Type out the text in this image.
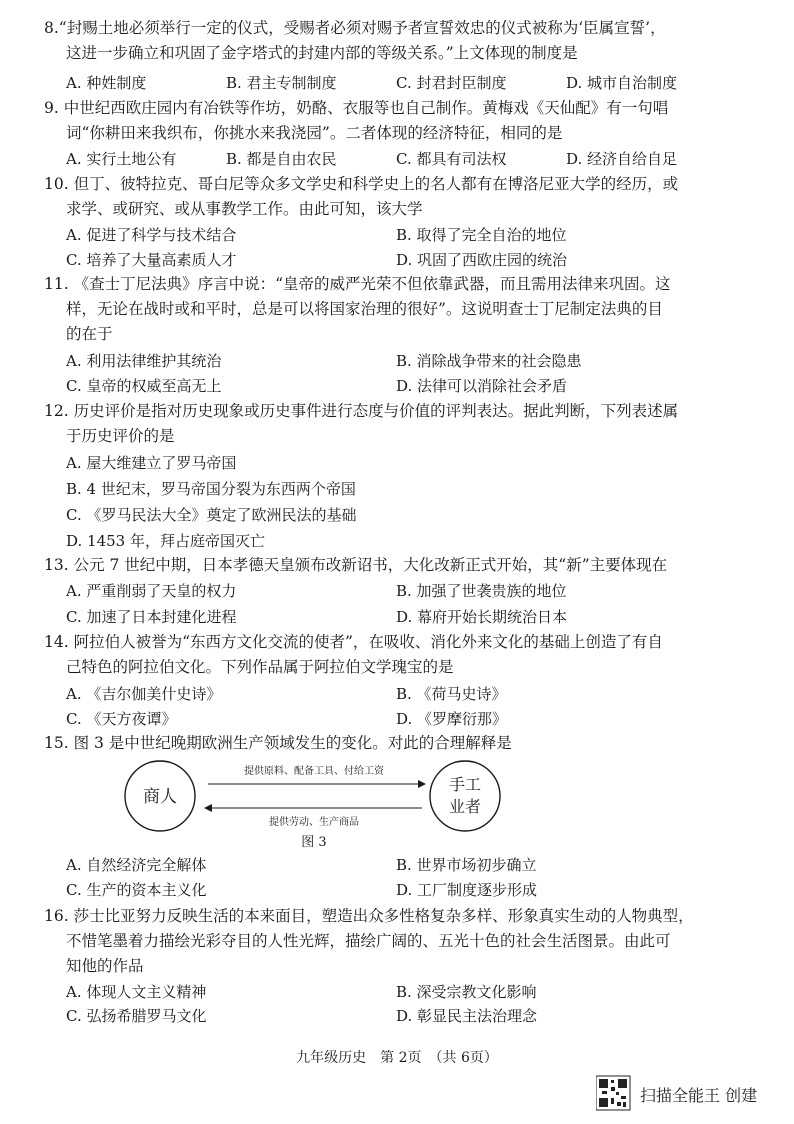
8.“封赐土地必须举行一定的仪式，受赐者必须对赐予者宣誓效忠的仪式被称为‘臣属宣誓’，
这进一步确立和巩固了金字塔式的封建内部的等级关系。”上文体现的制度是
A. 种姓制度	B. 君主专制制度	C. 封君封臣制度	D. 城市自治制度
9. 中世纪西欧庄园内有冶铁等作坊，奶酪、衣服等也自己制作。黄梅戏《天仙配》有一句唱
词“你耕田来我织布，你挑水来我浇园”。二者体现的经济特征，相同的是
A. 实行土地公有	B. 都是自由农民	C. 都具有司法权	D. 经济自给自足
10. 但丁、彼特拉克、哥白尼等众多文学史和科学史上的名人都有在博洛尼亚大学的经历，或
求学、或研究、或从事教学工作。由此可知，该大学
A. 促进了科学与技术结合	B. 取得了完全自治的地位
C. 培养了大量高素质人才	D. 巩固了西欧庄园的统治
11. 《查士丁尼法典》序言中说：“皇帝的威严光荣不但依靠武器，而且需用法律来巩固。这
样，无论在战时或和平时，总是可以将国家治理的很好”。这说明查士丁尼制定法典的目
的在于
A. 利用法律维护其统治	B. 消除战争带来的社会隐患
C. 皇帝的权威至高无上	D. 法律可以消除社会矛盾
12. 历史评价是指对历史现象或历史事件进行态度与价值的评判表达。据此判断，下列表述属
于历史评价的是
A. 屋大维建立了罗马帝国
B. 4 世纪末，罗马帝国分裂为东西两个帝国
C. 《罗马民法大全》奠定了欧洲民法的基础
D. 1453 年，拜占庭帝国灭亡
13. 公元 7 世纪中期，日本孝德天皇颁布改新诏书，大化改新正式开始，其“新”主要体现在
A. 严重削弱了天皇的权力	B. 加强了世袭贵族的地位
C. 加速了日本封建化进程	D. 幕府开始长期统治日本
14. 阿拉伯人被誉为“东西方文化交流的使者”，在吸收、消化外来文化的基础上创造了有自
己特色的阿拉伯文化。下列作品属于阿拉伯文学瑰宝的是
A. 《吉尔伽美什史诗》	B. 《荷马史诗》
C. 《天方夜谭》	D. 《罗摩衍那》
15. 图 3 是中世纪晚期欧洲生产领域发生的变化。对此的合理解释是
商人
手工
业者
提供原料、配备工具、付给工资
提供劳动、生产商品
图 3
A. 自然经济完全解体	B. 世界市场初步确立
C. 生产的资本主义化	D. 工厂制度逐步形成
16. 莎士比亚努力反映生活的本来面目，塑造出众多性格复杂多样、形象真实生动的人物典型，
不惜笔墨着力描绘光彩夺目的人性光辉，描绘广阔的、五光十色的社会生活图景。由此可
知他的作品
A. 体现人文主义精神	B. 深受宗教文化影响
C. 弘扬希腊罗马文化	D. 彰显民主法治理念
九年级历史　第 2页　（共 6页）
扫描全能王 创建
